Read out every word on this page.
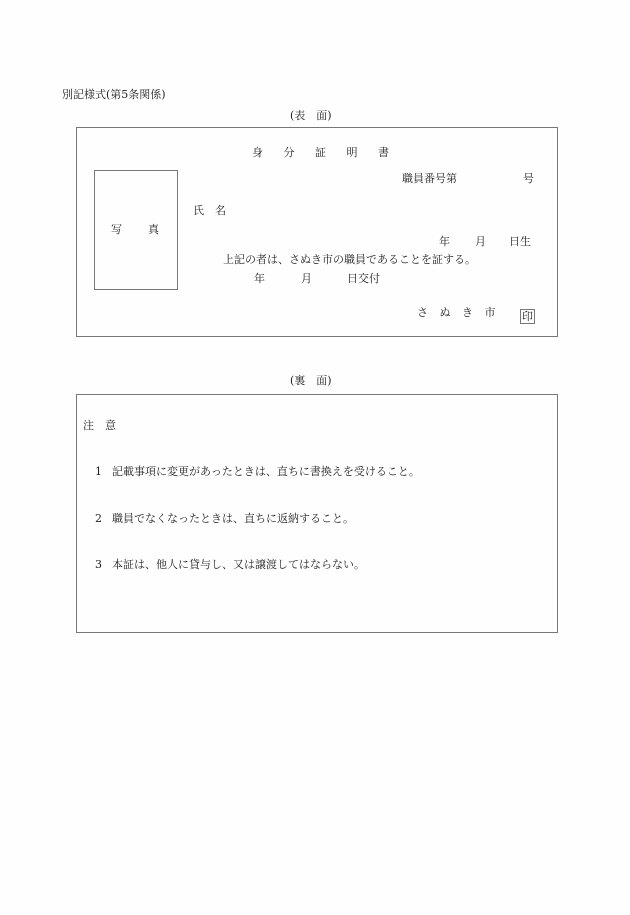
別記様式(第5条関係)
(表　面)
身 分 証 明 書
職員番号第	号
写 真
氏　名
年 月 日生
上記の者は、さぬき市の職員であることを証する。
年	月	日交付
さ ぬ き 市 印
(裏　面)
注　意
1 記載事項に変更があったときは、直ちに書換えを受けること。
2 職員でなくなったときは、直ちに返納すること。
3 本証は、他人に貸与し、又は譲渡してはならない。
